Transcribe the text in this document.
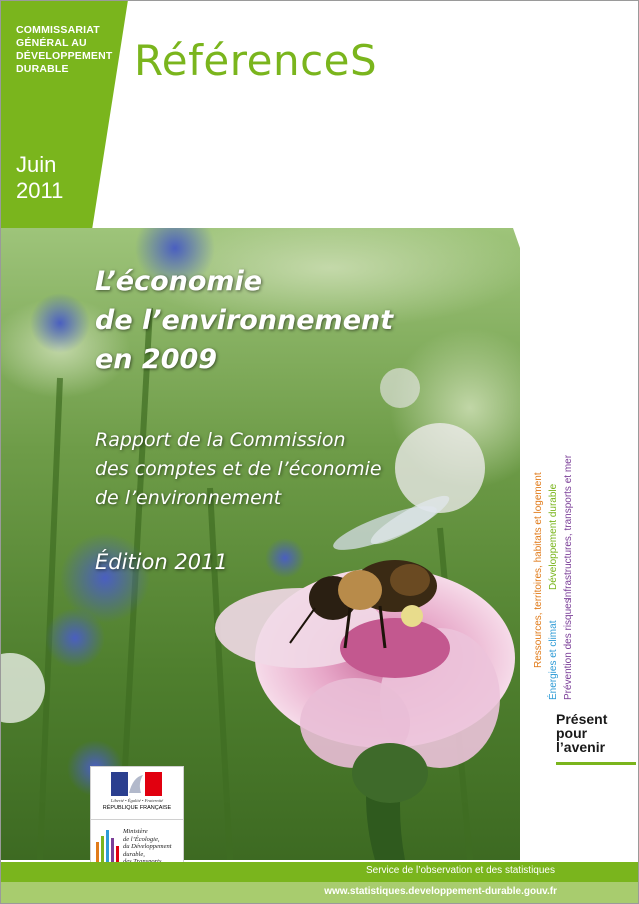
COMMISSARIAT
GÉNÉRAL AU
DÉVELOPPEMENT
DURABLE
Juin
2011
RéférenceS
L’économie
de l’environnement
en 2009
Rapport de la Commission
des comptes et de l’économie
de l’environnement
Édition 2011	Ressources, territoires, habitats et logement Développement durable
Énergies et climat Prévention des risques
Infrastructures, transports et mer
Présent
pour
l’avenir
Liberté • Égalité • Fraternité
RÉPUBLIQUE FRANÇAISE
Ministère
de l’Écologie,
du Développement
durable,
Service de l’observation et des statistiques
www.statistiques.developpement-durable.gouv.fr
